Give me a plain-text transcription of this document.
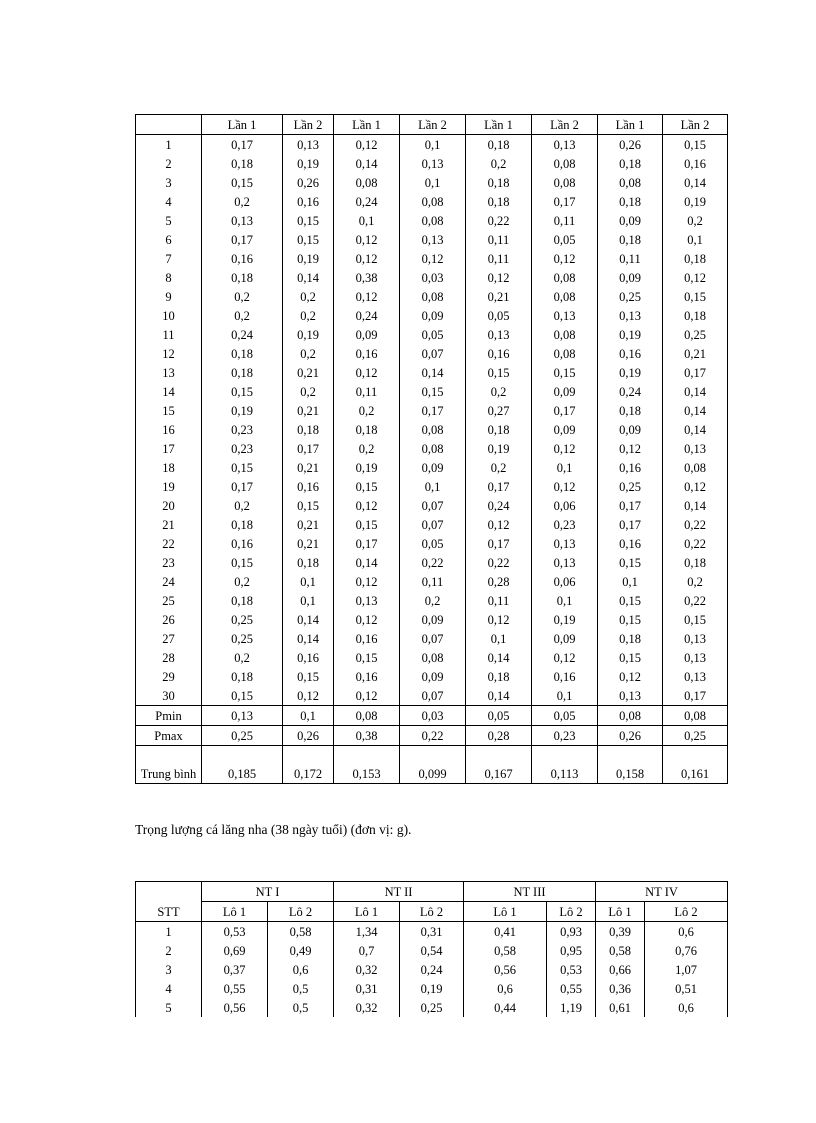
	Lần 1	Lần 2	Lần 1	Lần 2	Lần 1	Lần 2	Lần 1	Lần 2
1	0,17	0,13	0,12	0,1	0,18	0,13	0,26	0,15
2	0,18	0,19	0,14	0,13	0,2	0,08	0,18	0,16
3	0,15	0,26	0,08	0,1	0,18	0,08	0,08	0,14
4	0,2	0,16	0,24	0,08	0,18	0,17	0,18	0,19
5	0,13	0,15	0,1	0,08	0,22	0,11	0,09	0,2
6	0,17	0,15	0,12	0,13	0,11	0,05	0,18	0,1
7	0,16	0,19	0,12	0,12	0,11	0,12	0,11	0,18
8	0,18	0,14	0,38	0,03	0,12	0,08	0,09	0,12
9	0,2	0,2	0,12	0,08	0,21	0,08	0,25	0,15
10	0,2	0,2	0,24	0,09	0,05	0,13	0,13	0,18
11	0,24	0,19	0,09	0,05	0,13	0,08	0,19	0,25
12	0,18	0,2	0,16	0,07	0,16	0,08	0,16	0,21
13	0,18	0,21	0,12	0,14	0,15	0,15	0,19	0,17
14	0,15	0,2	0,11	0,15	0,2	0,09	0,24	0,14
15	0,19	0,21	0,2	0,17	0,27	0,17	0,18	0,14
16	0,23	0,18	0,18	0,08	0,18	0,09	0,09	0,14
17	0,23	0,17	0,2	0,08	0,19	0,12	0,12	0,13
18	0,15	0,21	0,19	0,09	0,2	0,1	0,16	0,08
19	0,17	0,16	0,15	0,1	0,17	0,12	0,25	0,12
20	0,2	0,15	0,12	0,07	0,24	0,06	0,17	0,14
21	0,18	0,21	0,15	0,07	0,12	0,23	0,17	0,22
22	0,16	0,21	0,17	0,05	0,17	0,13	0,16	0,22
23	0,15	0,18	0,14	0,22	0,22	0,13	0,15	0,18
24	0,2	0,1	0,12	0,11	0,28	0,06	0,1	0,2
25	0,18	0,1	0,13	0,2	0,11	0,1	0,15	0,22
26	0,25	0,14	0,12	0,09	0,12	0,19	0,15	0,15
27	0,25	0,14	0,16	0,07	0,1	0,09	0,18	0,13
28	0,2	0,16	0,15	0,08	0,14	0,12	0,15	0,13
29	0,18	0,15	0,16	0,09	0,18	0,16	0,12	0,13
30	0,15	0,12	0,12	0,07	0,14	0,1	0,13	0,17
Pmin	0,13	0,1	0,08	0,03	0,05	0,05	0,08	0,08
Pmax	0,25	0,26	0,38	0,22	0,28	0,23	0,26	0,25
Trung bình	0,185	0,172	0,153	0,099	0,167	0,113	0,158	0,161
Trọng lượng cá lăng nha (38 ngày tuổi) (đơn vị: g).
STT	NT I		NT II		NT III		NT IV	
	Lô 1	Lô 2	Lô 1	Lô 2	Lô 1	Lô 2	Lô 1	Lô 2
1	0,53	0,58	1,34	0,31	0,41	0,93	0,39	0,6
2	0,69	0,49	0,7	0,54	0,58	0,95	0,58	0,76
3	0,37	0,6	0,32	0,24	0,56	0,53	0,66	1,07
4	0,55	0,5	0,31	0,19	0,6	0,55	0,36	0,51
5	0,56	0,5	0,32	0,25	0,44	1,19	0,61	0,6
